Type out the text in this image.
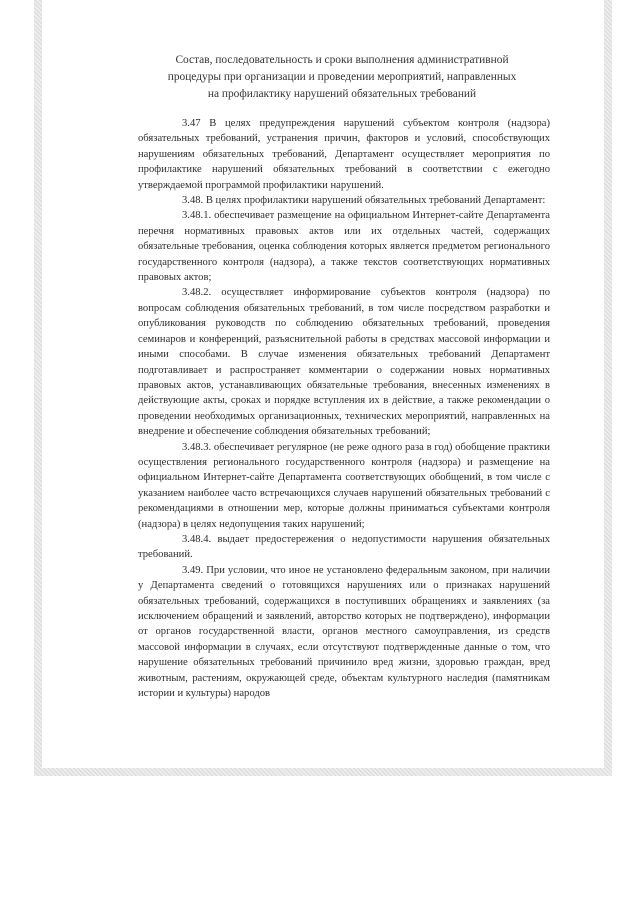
Состав, последовательность и сроки выполнения административной процедуры при организации и проведении мероприятий, направленных на профилактику нарушений обязательных требований

3.47 В целях предупреждения нарушений субъектом контроля (надзора) обязательных требований, устранения причин, факторов и условий, способствующих нарушениям обязательных требований, Департамент осуществляет мероприятия по профилактике нарушений обязательных требований в соответствии с ежегодно утверждаемой программой профилактики нарушений.

3.48. В целях профилактики нарушений обязательных требований Департамент:

3.48.1. обеспечивает размещение на официальном Интернет-сайте Департамента перечня нормативных правовых актов или их отдельных частей, содержащих обязательные требования, оценка соблюдения которых является предметом регионального государственного контроля (надзора), а также текстов соответствующих нормативных правовых актов;

3.48.2. осуществляет информирование субъектов контроля (надзора) по вопросам соблюдения обязательных требований, в том числе посредством разработки и опубликования руководств по соблюдению обязательных требований, проведения семинаров и конференций, разъяснительной работы в средствах массовой информации и иными способами. В случае изменения обязательных требований Департамент подготавливает и распространяет комментарии о содержании новых нормативных правовых актов, устанавливающих обязательные требования, внесенных изменениях в действующие акты, сроках и порядке вступления их в действие, а также рекомендации о проведении необходимых организационных, технических мероприятий, направленных на внедрение и обеспечение соблюдения обязательных требований;

3.48.3. обеспечивает регулярное (не реже одного раза в год) обобщение практики осуществления регионального государственного контроля (надзора) и размещение на официальном Интернет-сайте Департамента соответствующих обобщений, в том числе с указанием наиболее часто встречающихся случаев нарушений обязательных требований с рекомендациями в отношении мер, которые должны приниматься субъектами контроля (надзора) в целях недопущения таких нарушений;

3.48.4. выдает предостережения о недопустимости нарушения обязательных требований.

3.49. При условии, что иное не установлено федеральным законом, при наличии у Департамента сведений о готовящихся нарушениях или о признаках нарушений обязательных требований, содержащихся в поступивших обращениях и заявлениях (за исключением обращений и заявлений, авторство которых не подтверждено), информации от органов государственной власти, органов местного самоуправления, из средств массовой информации в случаях, если отсутствуют подтвержденные данные о том, что нарушение обязательных требований причинило вред жизни, здоровью граждан, вред животным, растениям, окружающей среде, объектам культурного наследия (памятникам истории и культуры) народов
